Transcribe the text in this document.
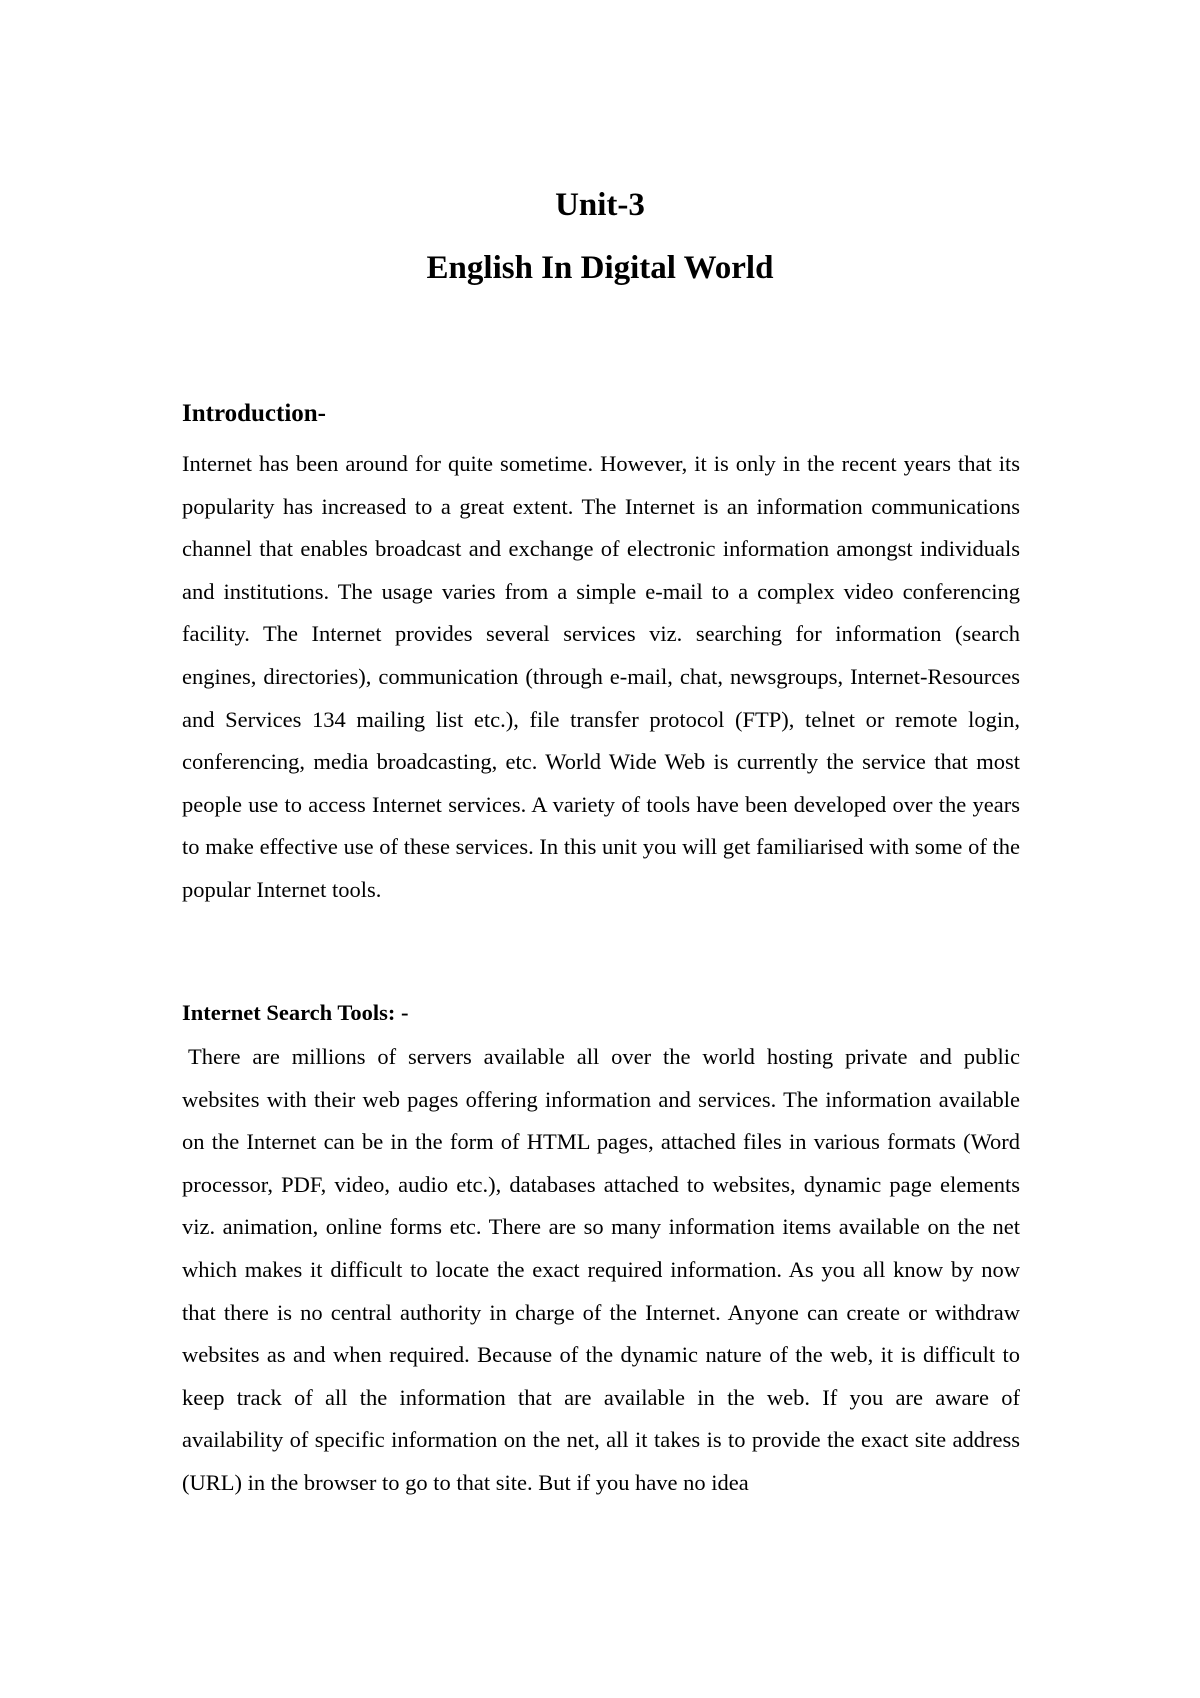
Unit-3
English In Digital World
Introduction-

Internet has been around for quite sometime. However, it is only in the recent years that its popularity has increased to a great extent. The Internet is an information communications channel that enables broadcast and exchange of electronic information amongst individuals and institutions. The usage varies from a simple e-mail to a complex video conferencing facility. The Internet provides several services viz. searching for information (search engines, directories), communication (through e-mail, chat, newsgroups, Internet-Resources and Services 134 mailing list etc.), file transfer protocol (FTP), telnet or remote login, conferencing, media broadcasting, etc. World Wide Web is currently the service that most people use to access Internet services. A variety of tools have been developed over the years to make effective use of these services. In this unit you will get familiarised with some of the popular Internet tools.

Internet Search Tools: -

There are millions of servers available all over the world hosting private and public websites with their web pages offering information and services. The information available on the Internet can be in the form of HTML pages, attached files in various formats (Word processor, PDF, video, audio etc.), databases attached to websites, dynamic page elements viz. animation, online forms etc. There are so many information items available on the net which makes it difficult to locate the exact required information. As you all know by now that there is no central authority in charge of the Internet. Anyone can create or withdraw websites as and when required. Because of the dynamic nature of the web, it is difficult to keep track of all the information that are available in the web. If you are aware of availability of specific information on the net, all it takes is to provide the exact site address (URL) in the browser to go to that site. But if you have no idea
